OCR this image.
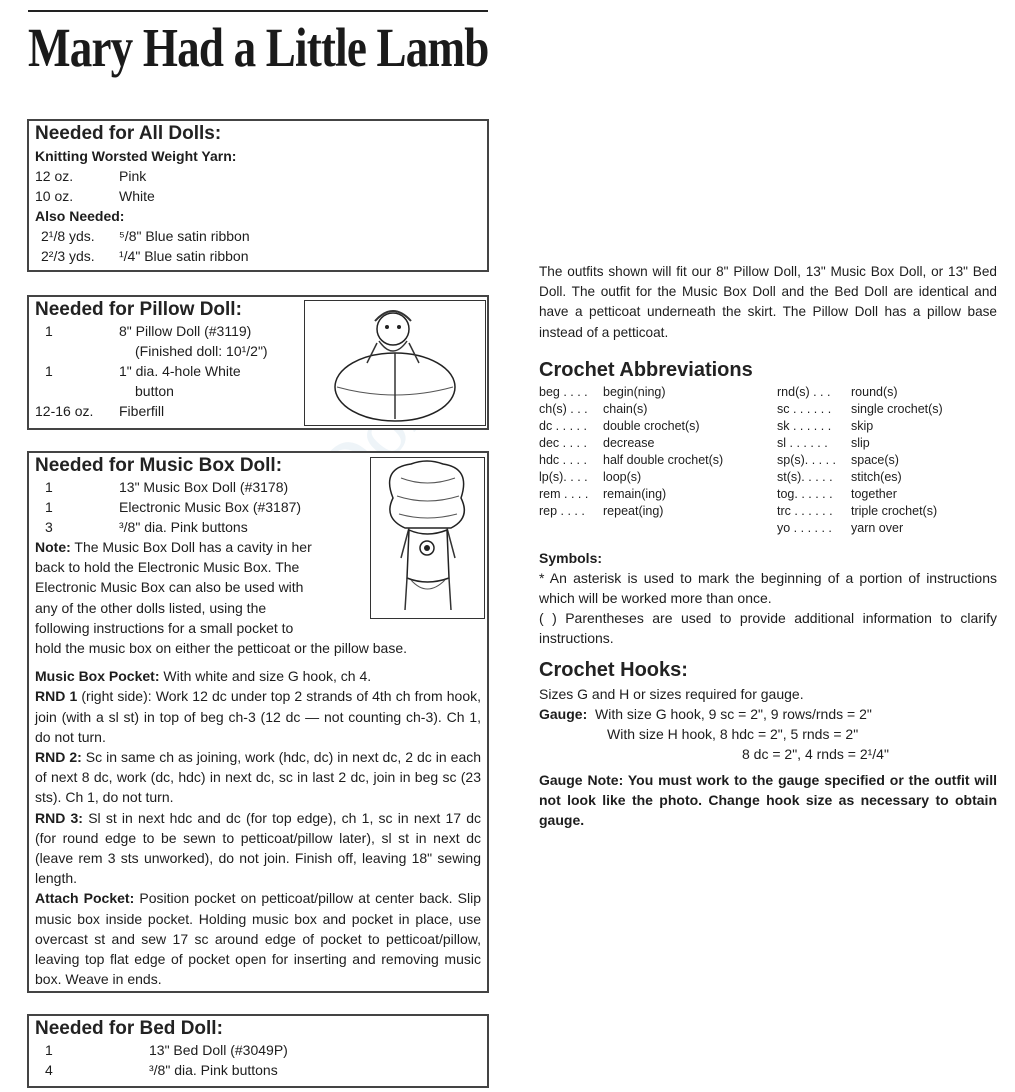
Mary Had a Little Lamb
Needed for All Dolls:
Knitting Worsted Weight Yarn:
12 oz.	Pink
10 oz.	White
Also Needed:
2¹/8 yds. ⁵/8" Blue satin ribbon
2²/3 yds. ¹/4" Blue satin ribbon
Needed for Pillow Doll:
1	8" Pillow Doll (#3119)
(Finished doll: 10¹/2")
1	1" dia. 4-hole White
button
12-16 oz. Fiberfill
Needed for Music Box Doll:
1	13" Music Box Doll (#3178)
1	Electronic Music Box (#3187)
3	³/8" dia. Pink buttons

Note: The Music Box Doll has a cavity in her

back to hold the Electronic Music Box. The

Electronic Music Box can also be used with

any of the other dolls listed, using the

following instructions for a small pocket to

hold the music box on either the petticoat or the pillow base.

Music Box Pocket: With white and size G hook, ch 4.

RND 1 (right side): Work 12 dc under top 2 strands of 4th ch from hook, join (with a sl st) in top of beg ch-3 (12 dc — not counting ch-3). Ch 1, do not turn.

RND 2: Sc in same ch as joining, work (hdc, dc) in next dc, 2 dc in each of next 8 dc, work (dc, hdc) in next dc, sc in last 2 dc, join in beg sc (23 sts). Ch 1, do not turn.

RND 3: Sl st in next hdc and dc (for top edge), ch 1, sc in next 17 dc (for round edge to be sewn to petticoat/pillow later), sl st in next dc (leave rem 3 sts unworked), do not join. Finish off, leaving 18" sewing length.

Attach Pocket: Position pocket on petticoat/pillow at center back. Slip music box inside pocket. Holding music box and pocket in place, use overcast st and sew 17 sc around edge of pocket to petticoat/pillow, leaving top flat edge of pocket open for inserting and removing music box. Weave in ends.

Needed for Bed Doll:
1	13" Bed Doll (#3049P)
4	³/8" dia. Pink buttons
The outfits shown will fit our 8" Pillow Doll, 13" Music Box Doll, or 13" Bed Doll. The outfit for the Music Box Doll and the Bed Doll are identical and have a petticoat underneath the skirt. The Pillow Doll has a pillow base instead of a petticoat.
Crochet Abbreviations
beg . . . . begin(ning)
ch(s) . . . chain(s)
dc . . . . . double crochet(s)
dec . . . . decrease
hdc . . . . half double crochet(s)
lp(s). . . . loop(s)
rem . . . . remain(ing)
rep . . . . repeat(ing)
rnd(s) . . . round(s)
sc . . . . . . single crochet(s)
sk . . . . . . skip
sl . . . . . . slip
sp(s). . . . . space(s)
st(s). . . . . stitch(es)
tog. . . . . . together
trc . . . . . . triple crochet(s)
yo . . . . . . yarn over
Symbols:
* An asterisk is used to mark the beginning of a portion of instructions which will be worked more than once.
( ) Parentheses are used to provide additional information to clarify instructions.
Crochet Hooks:
Sizes G and H or sizes required for gauge.
Gauge: With size G hook, 9 sc = 2", 9 rows/rnds = 2"
With size H hook, 8 hdc = 2", 5 rnds = 2"
8 dc = 2", 4 rnds = 2¹/4"
Gauge Note: You must work to the gauge specified or the outfit will not look like the photo. Change hook size as necessary to obtain gauge.
